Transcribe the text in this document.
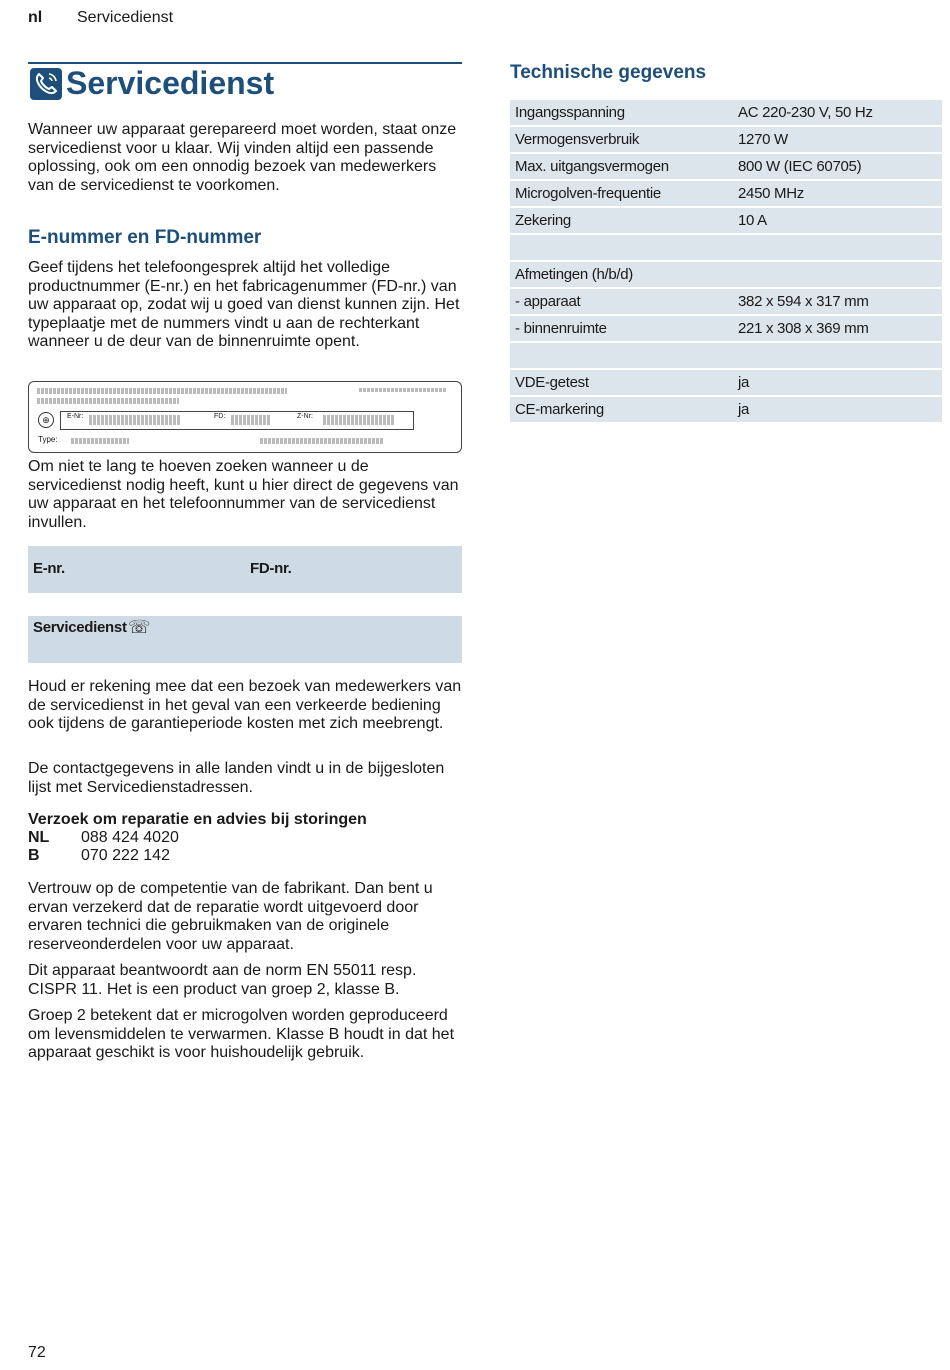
nl Servicedienst
Servicedienst
Wanneer uw apparaat gerepareerd moet worden, staat onze servicedienst voor u klaar. Wij vinden altijd een passende oplossing, ook om een onnodig bezoek van medewerkers van de servicedienst te voorkomen.
E-nummer en FD-nummer
Geef tijdens het telefoongesprek altijd het volledige productnummer (E-nr.) en het fabricagenummer (FD-nr.) van uw apparaat op, zodat wij u goed van dienst kunnen zijn. Het typeplaatje met de nummers vindt u aan de rechterkant wanneer u de deur van de binnenruimte opent.
⊕	E-Nr:	FD:	Z-Nr:
Type:
Om niet te lang te hoeven zoeken wanneer u de servicedienst nodig heeft, kunt u hier direct de gegevens van uw apparaat en het telefoonnummer van de servicedienst invullen.
E-nr.	FD-nr.
Servicedienst ☏
Houd er rekening mee dat een bezoek van medewerkers van de servicedienst in het geval van een verkeerde bediening ook tijdens de garantieperiode kosten met zich meebrengt.
De contactgegevens in alle landen vindt u in de bijgesloten lijst met Servicedienstadressen.
Verzoek om reparatie en advies bij storingen
NL 088 424 4020
B	070 222 142
Vertrouw op de competentie van de fabrikant. Dan bent u ervan verzekerd dat de reparatie wordt uitgevoerd door ervaren technici die gebruikmaken van de originele reserveonderdelen voor uw apparaat.
Dit apparaat beantwoordt aan de norm EN 55011 resp. CISPR 11. Het is een product van groep 2, klasse B.
Groep 2 betekent dat er microgolven worden geproduceerd om levensmiddelen te verwarmen. Klasse B houdt in dat het apparaat geschikt is voor huishoudelijk gebruik.
Technische gegevens
Ingangsspanning	AC 220-230 V, 50 Hz
Vermogensverbruik	1270 W
Max. uitgangsvermogen	800 W (IEC 60705)
Microgolven-frequentie	2450 MHz
Zekering	10 A

Afmetingen (h/b/d)	
- apparaat	382 x 594 x 317 mm
- binnenruimte	221 x 308 x 369 mm

VDE-getest	ja
CE-markering	ja
72
